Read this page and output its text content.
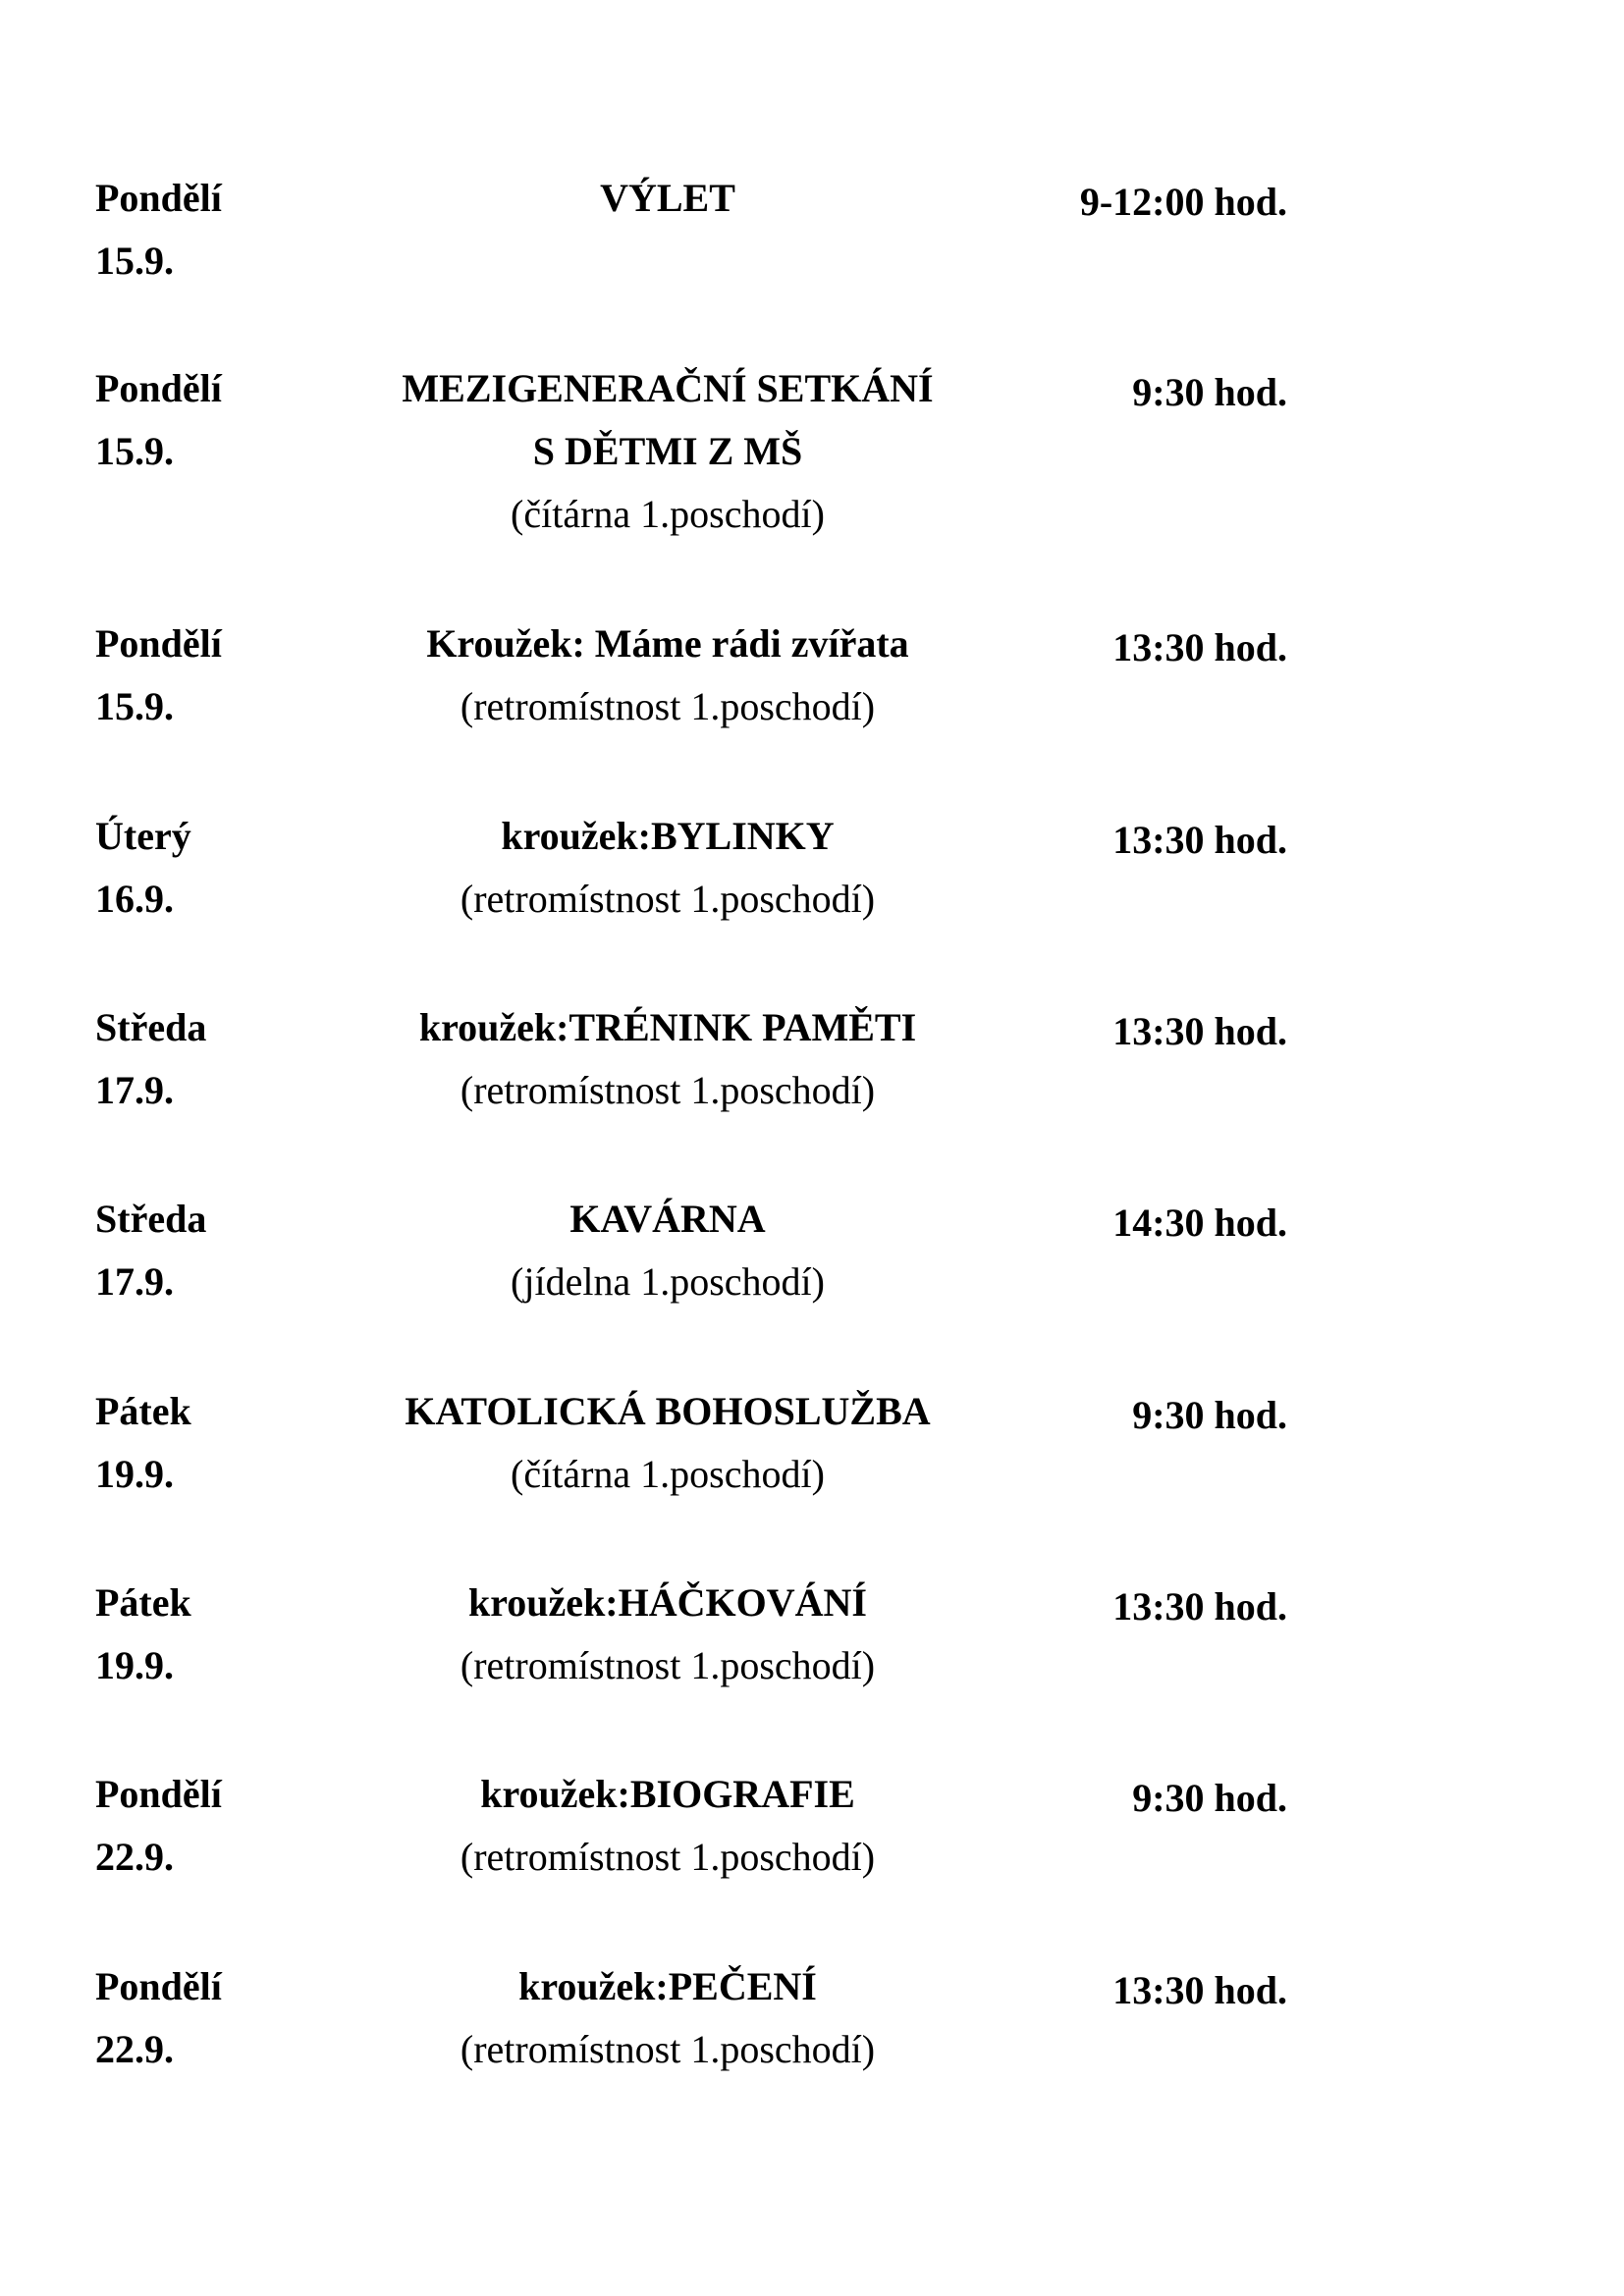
Pondělí
15.9.
VÝLET	9-12:00 hod.
Pondělí
15.9.
MEZIGENERAČNÍ SETKÁNÍ
S DĚTMI Z MŠ
(čítárna 1.poschodí)
9:30 hod.
Pondělí
15.9.
Kroužek: Máme rádi zvířata
(retromístnost 1.poschodí)
13:30 hod.
Úterý
16.9.
kroužek:BYLINKY
(retromístnost 1.poschodí)
13:30 hod.
Středa
17.9.
kroužek:TRÉNINK PAMĚTI
(retromístnost 1.poschodí)
13:30 hod.
Středa
17.9.
KAVÁRNA
(jídelna 1.poschodí)
14:30 hod.
Pátek
19.9.
KATOLICKÁ BOHOSLUŽBA
(čítárna 1.poschodí)
9:30 hod.
Pátek
19.9.
kroužek:HÁČKOVÁNÍ
(retromístnost 1.poschodí)
13:30 hod.
Pondělí
22.9.
kroužek:BIOGRAFIE
(retromístnost 1.poschodí)
9:30 hod.
Pondělí
22.9.
kroužek:PEČENÍ
(retromístnost 1.poschodí)
13:30 hod.
